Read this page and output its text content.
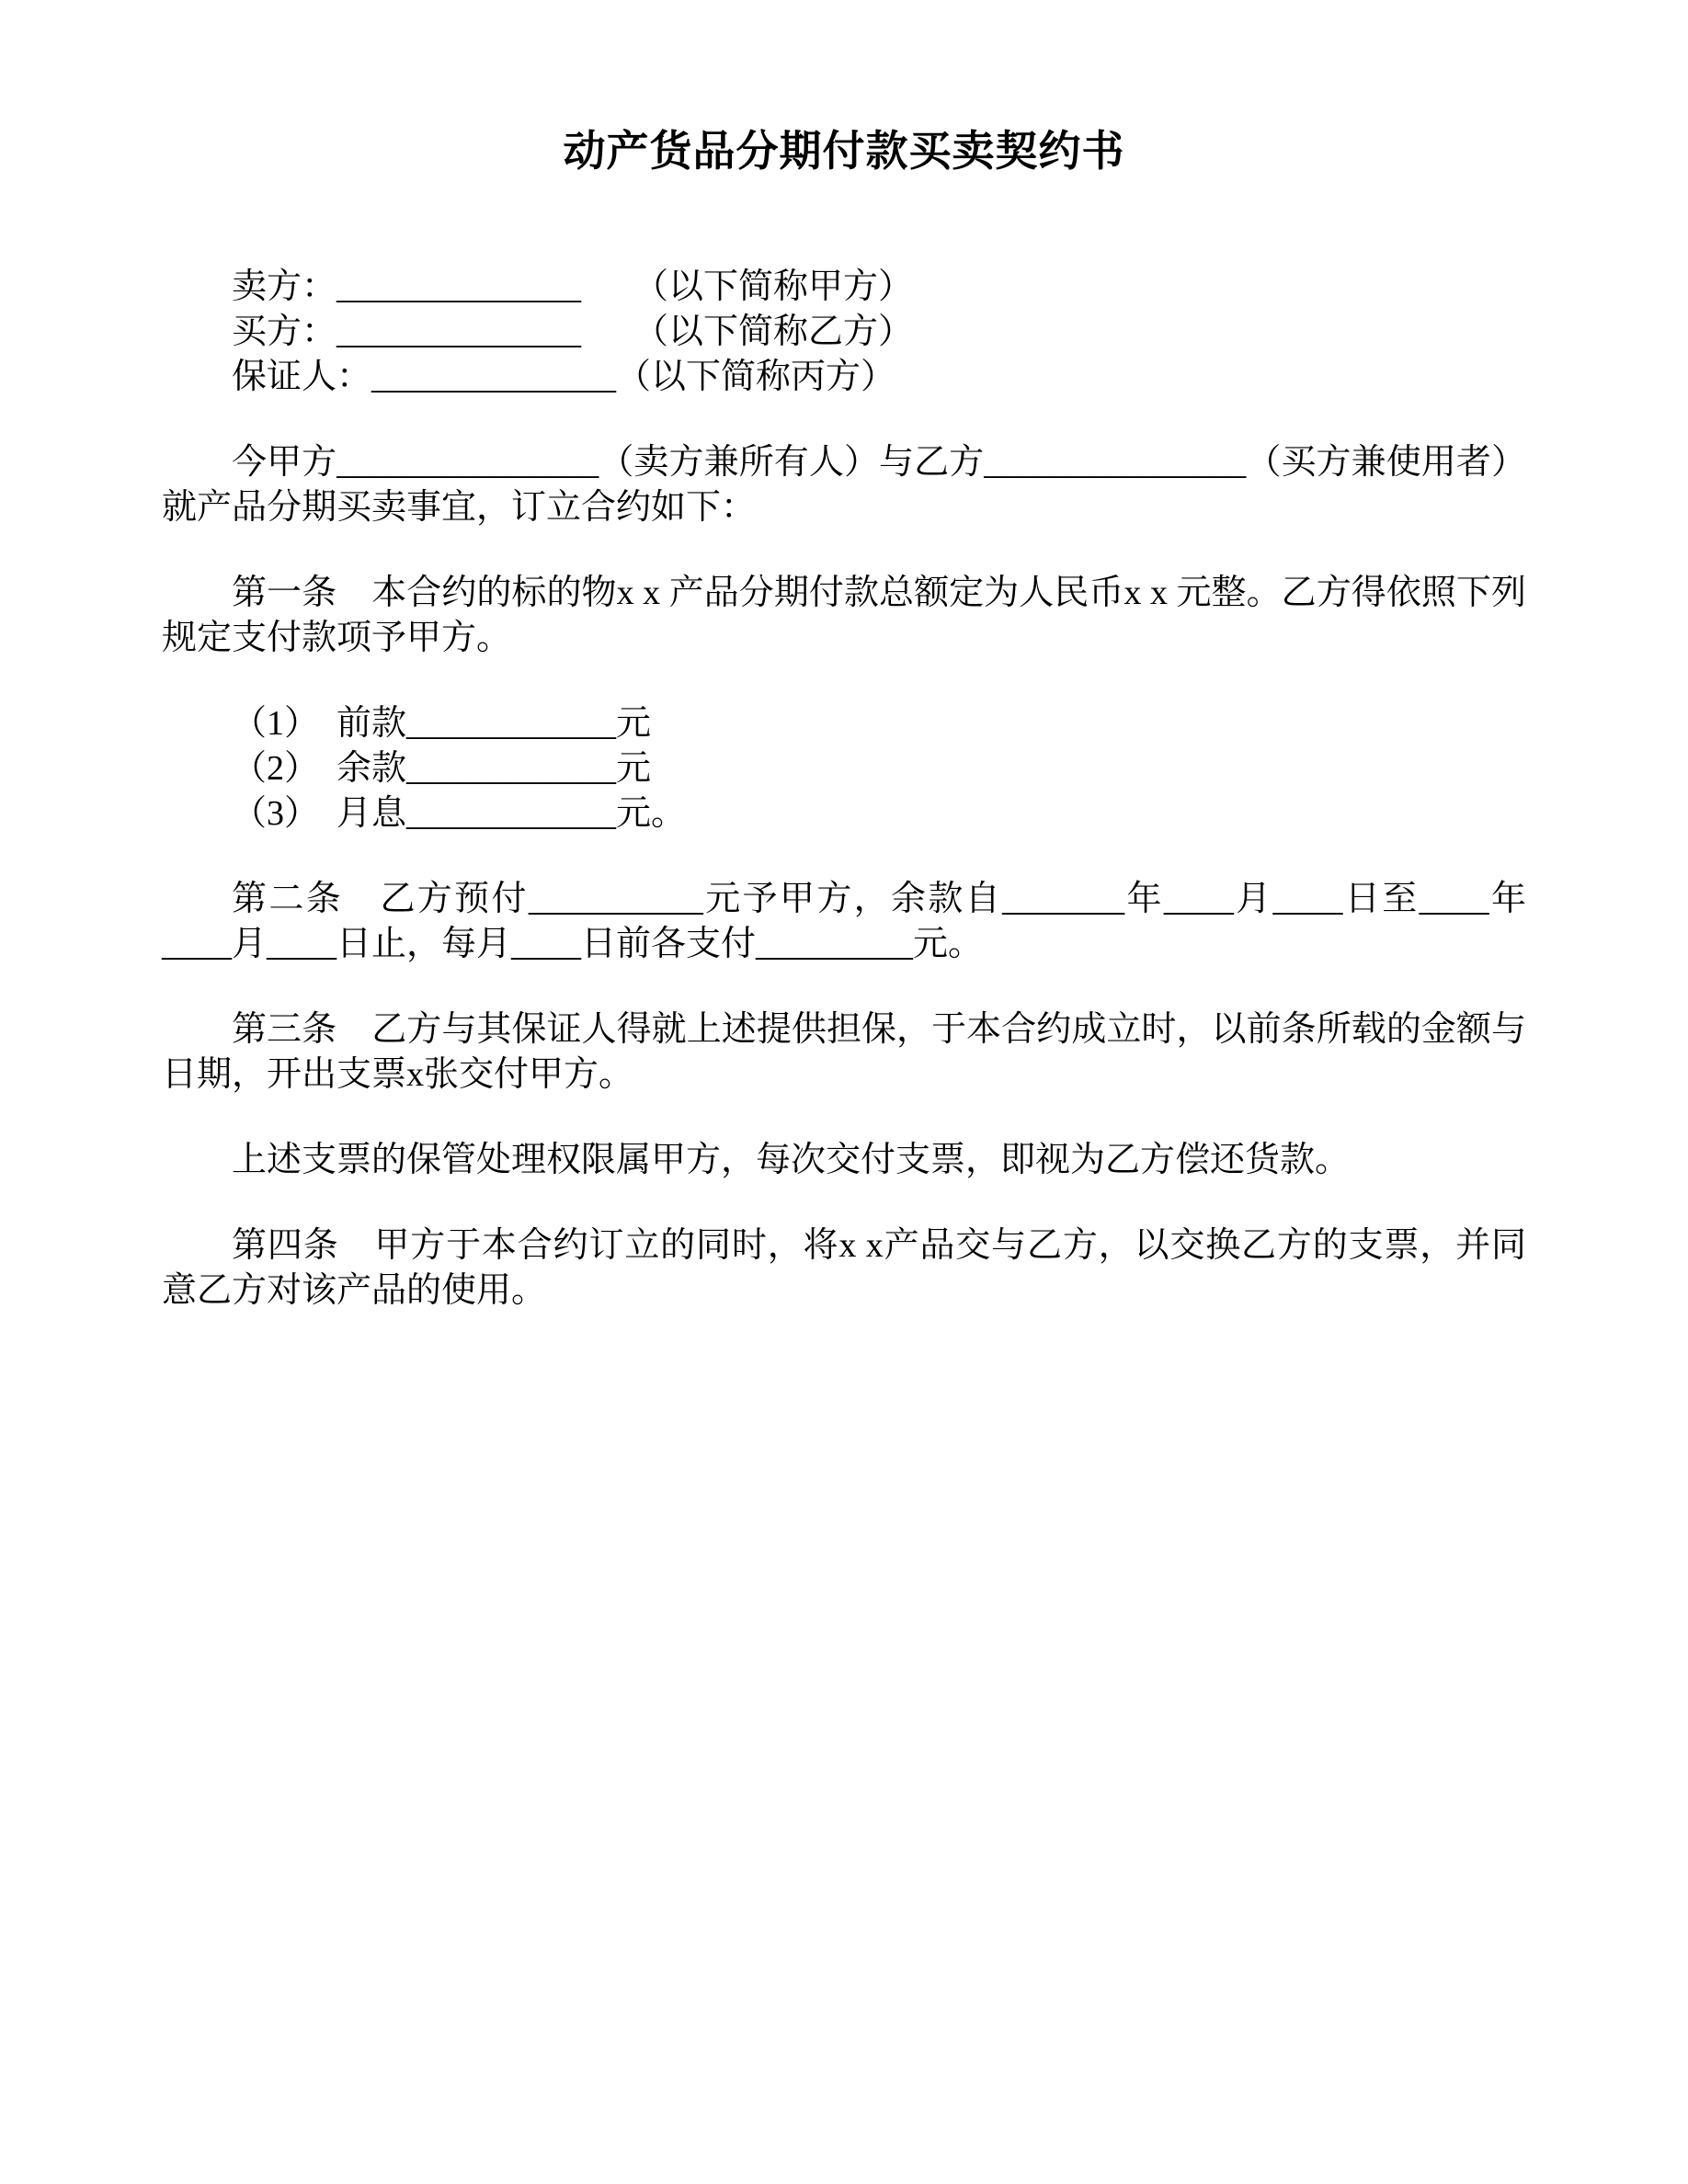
动产货品分期付款买卖契约书

卖方：______________　　（以下简称甲方）

买方：______________　　（以下简称乙方）

保证人：______________（以下简称丙方）

今甲方_______________（卖方兼所有人）与乙方_______________（买方兼使用者）就产品分期买卖事宜，订立合约如下：

第一条　本合约的标的物x x 产品分期付款总额定为人民币x x 元整。乙方得依照下列规定支付款项予甲方。

（1）　前款____________元

（2）　余款____________元

（3）　月息____________元。

第二条　乙方预付__________元予甲方，余款自_______年____月____日至____年____月____日止，每月____日前各支付_________元。

第三条　乙方与其保证人得就上述提供担保，于本合约成立时，以前条所载的金额与日期，开出支票x张交付甲方。

上述支票的保管处理权限属甲方，每次交付支票，即视为乙方偿还货款。

第四条　甲方于本合约订立的同时，将x x产品交与乙方，以交换乙方的支票，并同意乙方对该产品的使用。
